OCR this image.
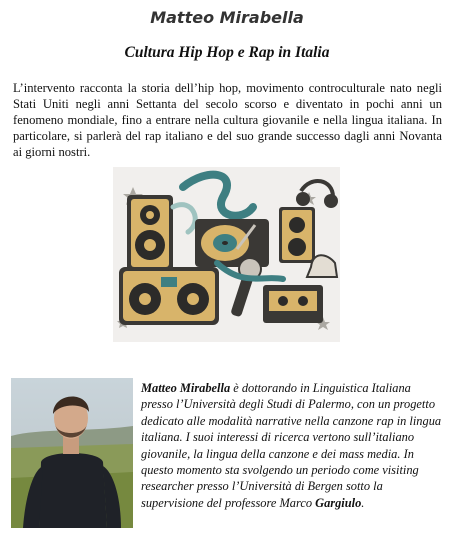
Matteo Mirabella
Cultura Hip Hop e Rap in Italia

L’intervento racconta la storia dell’hip hop, movimento controculturale nato negli Stati Uniti negli anni Settanta del secolo scorso e diventato in pochi anni un fenomeno mondiale, fino a entrare nella cultura giovanile e nella lingua italiana. In particolare, si parlerà del rap italiano e del suo grande successo dagli anni Novanta ai giorni nostri.

Matteo Mirabella è dottorando in Linguistica Italiana presso l’Università degli Studi di Palermo, con un progetto dedicato alle modalità narrative nella canzone rap in lingua italiana. I suoi interessi di ricerca vertono sull’italiano giovanile, la lingua della canzone e dei mass media. In questo momento sta svolgendo un periodo come visiting researcher presso l’Università di Bergen sotto la supervisione del professore Marco Gargiulo.
